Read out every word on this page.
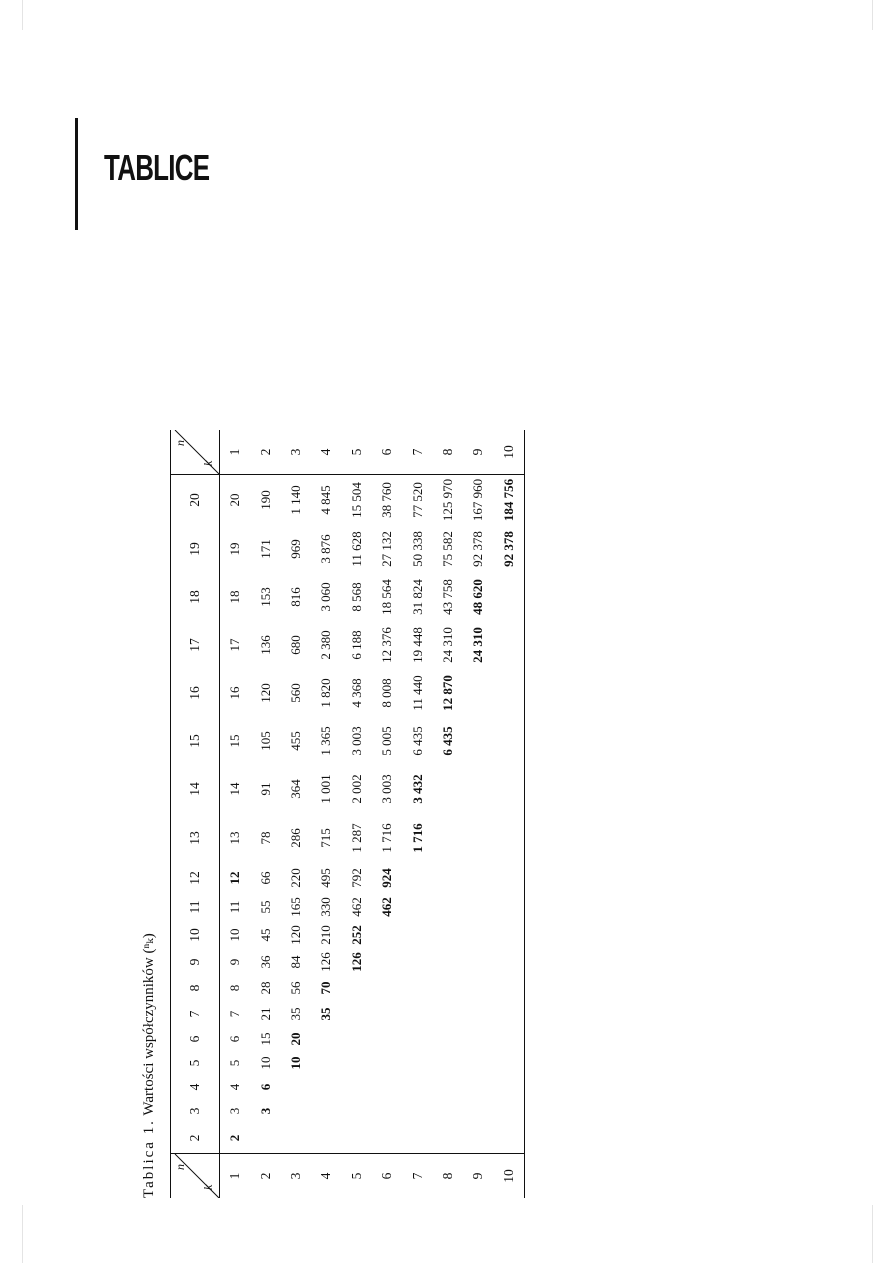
TABLICE
Tablica 1. Wartości współczynników (ⁿₖ)
n
k	2	3	4	5	6	7	8	9	10	11	12	13	14	15	16	17	18	19	20	n
k

1	2	3	4	5	6	7	8	9	10	11	12	13	14	15	16	17	18	19	20	1
2		3	6	10	15	21	28	36	45	55	66	78	91	105	120	136	153	171	190	2
3				10	20	35	56	84	120	165	220	286	364	455	560	680	816	969	1 140	3
4						35	70	126	210	330	495	715	1 001	1 365	1 820	2 380	3 060	3 876	4 845	4
5								126	252	462	792	1 287	2 002	3 003	4 368	6 188	8 568	11 628	15 504	5
6										462	924	1 716	3 003	5 005	8 008	12 376	18 564	27 132	38 760	6
7												1 716	3 432	6 435	11 440	19 448	31 824	50 338	77 520	7
8														6 435	12 870	24 310	43 758	75 582	125 970	8
9																24 310	48 620	92 378	167 960	9
10																		92 378	184 756	10
